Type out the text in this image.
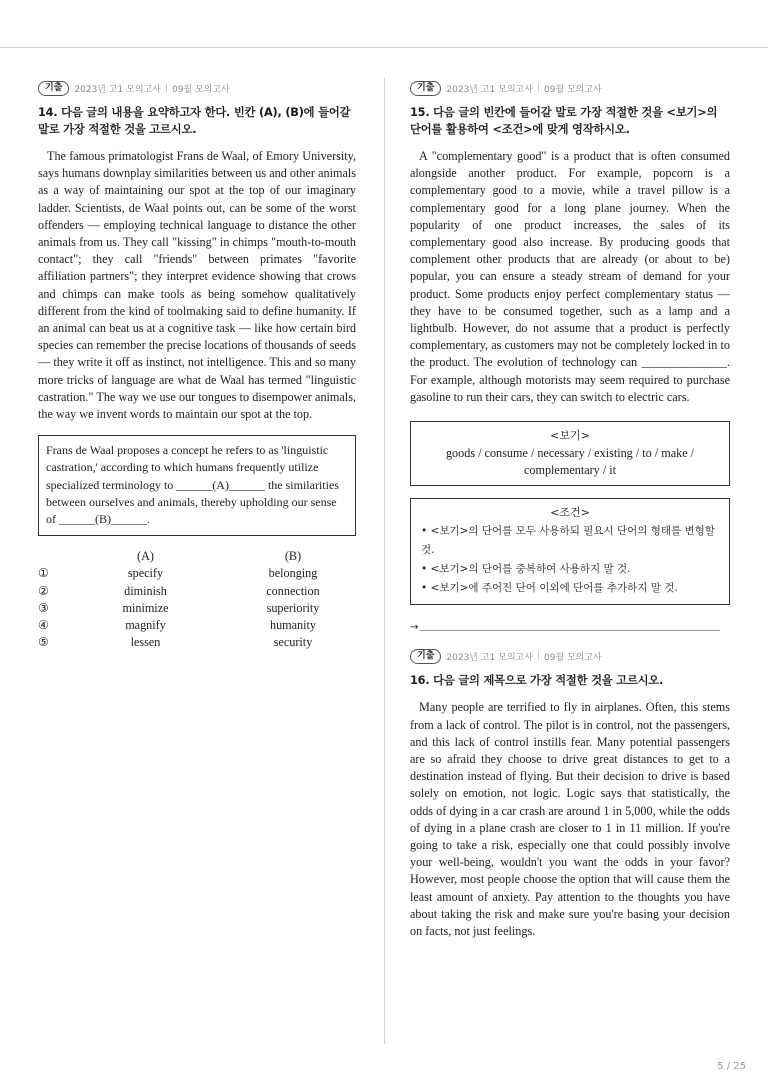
기출	2023년 고1 모의고사 | 09월 모의고사
14. 다음 글의 내용을 요약하고자 한다. 빈칸 (A), (B)에 들어갈 말로 가장 적절한 것을 고르시오.

The famous primatologist Frans de Waal, of Emory University, says humans downplay similarities between us and other animals as a way of maintaining our spot at the top of our imaginary ladder. Scientists, de Waal points out, can be some of the worst offenders — employing technical language to distance the other animals from us. They call "kissing" in chimps "mouth-to-mouth contact"; they call "friends" between primates "favorite affiliation partners"; they interpret evidence showing that crows and chimps can make tools as being somehow qualitatively different from the kind of toolmaking said to define humanity. If an animal can beat us at a cognitive task — like how certain bird species can remember the precise locations of thousands of seeds — they write it off as instinct, not intelligence. This and so many more tricks of language are what de Waal has termed "linguistic castration." The way we use our tongues to disempower animals, the way we invent words to maintain our spot at the top.

Frans de Waal proposes a concept he refers to as 'linguistic castration,' according to which humans frequently utilize specialized terminology to ______(A)______ the similarities between ourselves and animals, thereby upholding our sense of ______(B)______.
(A)	(B)
①	specify	belonging
②	diminish	connection
③	minimize	superiority
④	magnify	humanity
⑤	lessen	security
기출	2023년 고1 모의고사 | 09월 모의고사
15. 다음 글의 빈칸에 들어갈 말로 가장 적절한 것을 <보기>의 단어를 활용하여 <조건>에 맞게 영작하시오.

A "complementary good" is a product that is often consumed alongside another product. For example, popcorn is a complementary good to a movie, while a travel pillow is a complementary good for a long plane journey. When the popularity of one product increases, the sales of its complementary good also increase. By producing goods that complement other products that are already (or about to be) popular, you can ensure a steady stream of demand for your product. Some products enjoy perfect complementary status — they have to be consumed together, such as a lamp and a lightbulb. However, do not assume that a product is perfectly complementary, as customers may not be completely locked in to the product. The evolution of technology can ______________. For example, although motorists may seem required to purchase gasoline to run their cars, they can switch to electric cars.

<보기>
goods / consume / necessary / existing / to / make / complementary / it
<조건>
• <보기>의 단어를 모두 사용하되 필요시 단어의 형태를 변형할 것.
• <보기>의 단어를 중복하여 사용하지 말 것.
• <보기>에 주어진 단어 이외에 단어를 추가하지 말 것.
→
기출	2023년 고1 모의고사 | 09월 모의고사
16. 다음 글의 제목으로 가장 적절한 것을 고르시오.

Many people are terrified to fly in airplanes. Often, this stems from a lack of control. The pilot is in control, not the passengers, and this lack of control instills fear. Many potential passengers are so afraid they choose to drive great distances to get to a destination instead of flying. But their decision to drive is based solely on emotion, not logic. Logic says that statistically, the odds of dying in a car crash are around 1 in 5,000, while the odds of dying in a plane crash are closer to 1 in 11 million. If you're going to take a risk, especially one that could possibly involve your well-being, wouldn't you want the odds in your favor? However, most people choose the option that will cause them the least amount of anxiety. Pay attention to the thoughts you have about taking the risk and make sure you're basing your decision on facts, not just feelings.

5 / 25
